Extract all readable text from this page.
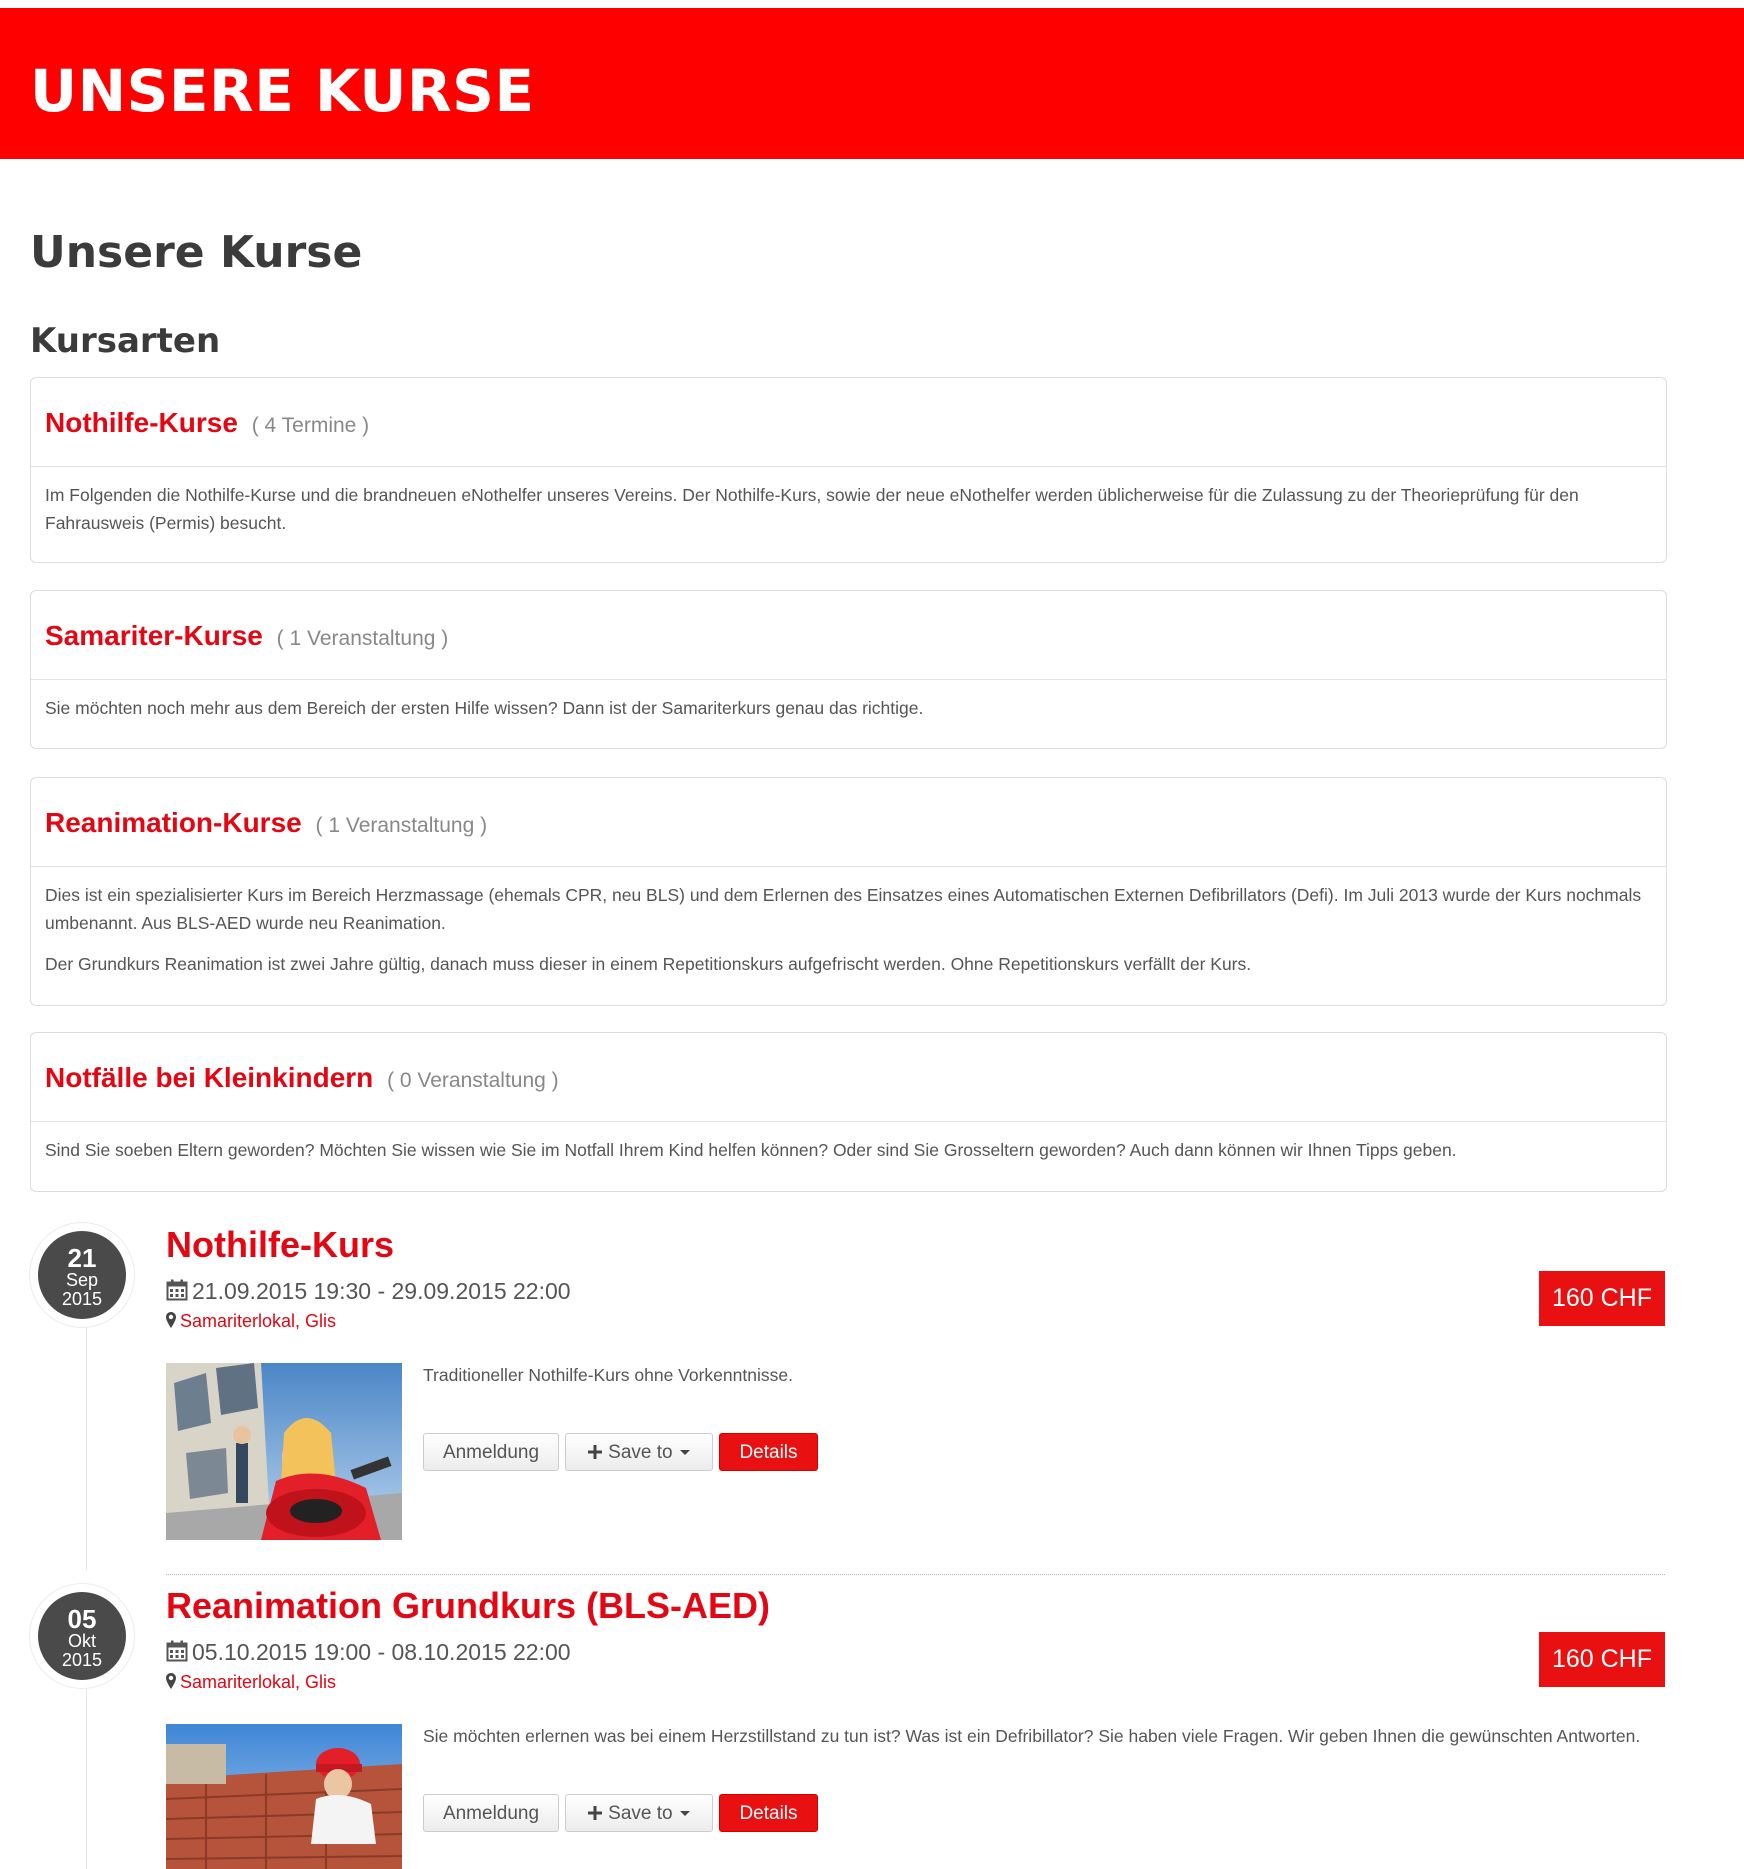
UNSERE KURSE
Unsere Kurse
Kursarten
Nothilfe-Kurse ( 4 Termine )

Im Folgenden die Nothilfe-Kurse und die brandneuen eNothelfer unseres Vereins. Der Nothilfe-Kurs, sowie der neue eNothelfer werden üblicherweise für die Zulassung zu der Theorieprüfung für den Fahrausweis (Permis) besucht.

Samariter-Kurse ( 1 Veranstaltung )

Sie möchten noch mehr aus dem Bereich der ersten Hilfe wissen? Dann ist der Samariterkurs genau das richtige.

Reanimation-Kurse ( 1 Veranstaltung )

Dies ist ein spezialisierter Kurs im Bereich Herzmassage (ehemals CPR, neu BLS) und dem Erlernen des Einsatzes eines Automatischen Externen Defibrillators (Defi). Im Juli 2013 wurde der Kurs nochmals umbenannt. Aus BLS-AED wurde neu Reanimation.

Der Grundkurs Reanimation ist zwei Jahre gültig, danach muss dieser in einem Repetitionskurs aufgefrischt werden. Ohne Repetitionskurs verfällt der Kurs.

Notfälle bei Kleinkindern ( 0 Veranstaltung )

Sind Sie soeben Eltern geworden? Möchten Sie wissen wie Sie im Notfall Ihrem Kind helfen können? Oder sind Sie Grosseltern geworden? Auch dann können wir Ihnen Tipps geben.

21
Sep
2015
Nothilfe-Kurs
21.09.2015 19:30 - 29.09.2015 22:00
Samariterlokal, Glis
160 CHF
Traditioneller Nothilfe-Kurs ohne Vorkenntnisse.
Anmeldung	Save to	Details
05
Okt
2015
Reanimation Grundkurs (BLS-AED)
05.10.2015 19:00 - 08.10.2015 22:00
Samariterlokal, Glis
160 CHF
Sie möchten erlernen was bei einem Herzstillstand zu tun ist? Was ist ein Defribillator? Sie haben viele Fragen. Wir geben Ihnen die gewünschten Antworten.
Anmeldung	Save to	Details
